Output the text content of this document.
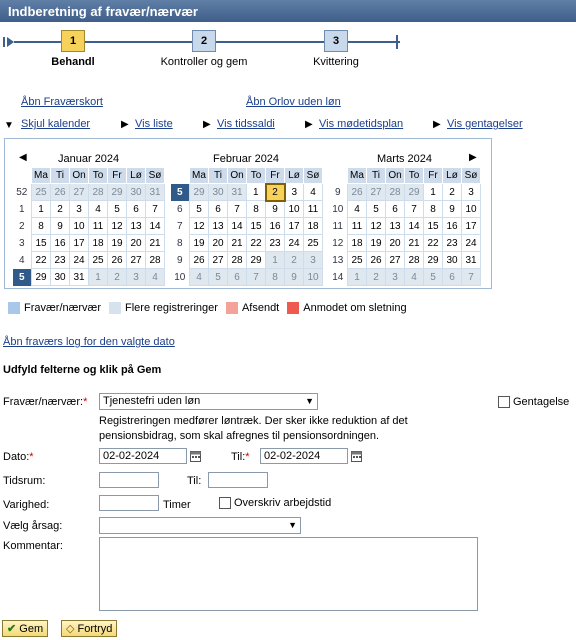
Indberetning af fravær/nærvær
1
Behandl
2
Kontroller og gem
3
Kvittering
Åbn Fraværskort	Åbn Orlov uden løn
▼ Skjul kalender	▶ Vis liste	▶ Vis tidssaldi	▶ Vis mødetidsplan	▶ Vis gentagelser
◀	▶
Januar 2024	Februar 2024	Marts 2024
	Ma	Ti	On	To	Fr	Lø	Sø
52	25	26	27	28	29	30	31
1	1	2	3	4	5	6	7
2	8	9	10	11	12	13	14
3	15	16	17	18	19	20	21
4	22	23	24	25	26	27	28
5	29	30	31	1	2	3	4
	Ma	Ti	On	To	Fr	Lø	Sø
5	29	30	31	1	2	3	4
6	5	6	7	8	9	10	11
7	12	13	14	15	16	17	18
8	19	20	21	22	23	24	25
9	26	27	28	29	1	2	3
10	4	5	6	7	8	9	10
	Ma	Ti	On	To	Fr	Lø	Sø
9	26	27	28	29	1	2	3
10	4	5	6	7	8	9	10
11	11	12	13	14	15	16	17
12	18	19	20	21	22	23	24
13	25	26	27	28	29	30	31
14	1	2	3	4	5	6	7
Fravær/nærvær Flere registreringer Afsendt Anmodet om sletning
Åbn fraværs log for den valgte dato
Udfyld felterne og klik på Gem
Fravær/nærvær:*	Tjenestefri uden løn	▼	Gentagelse
Registreringen medfører løntræk. Der sker ikke reduktion af det
pensionsbidrag, som skal afregnes til pensionsordningen.
Dato:*	02-02-2024	Til:*	02-02-2024
Tidsrum:	Til:
Varighed:	Timer	Overskriv arbejdstid
Vælg årsag:	▼
Kommentar:
✔ Gem	◇ Fortryd
